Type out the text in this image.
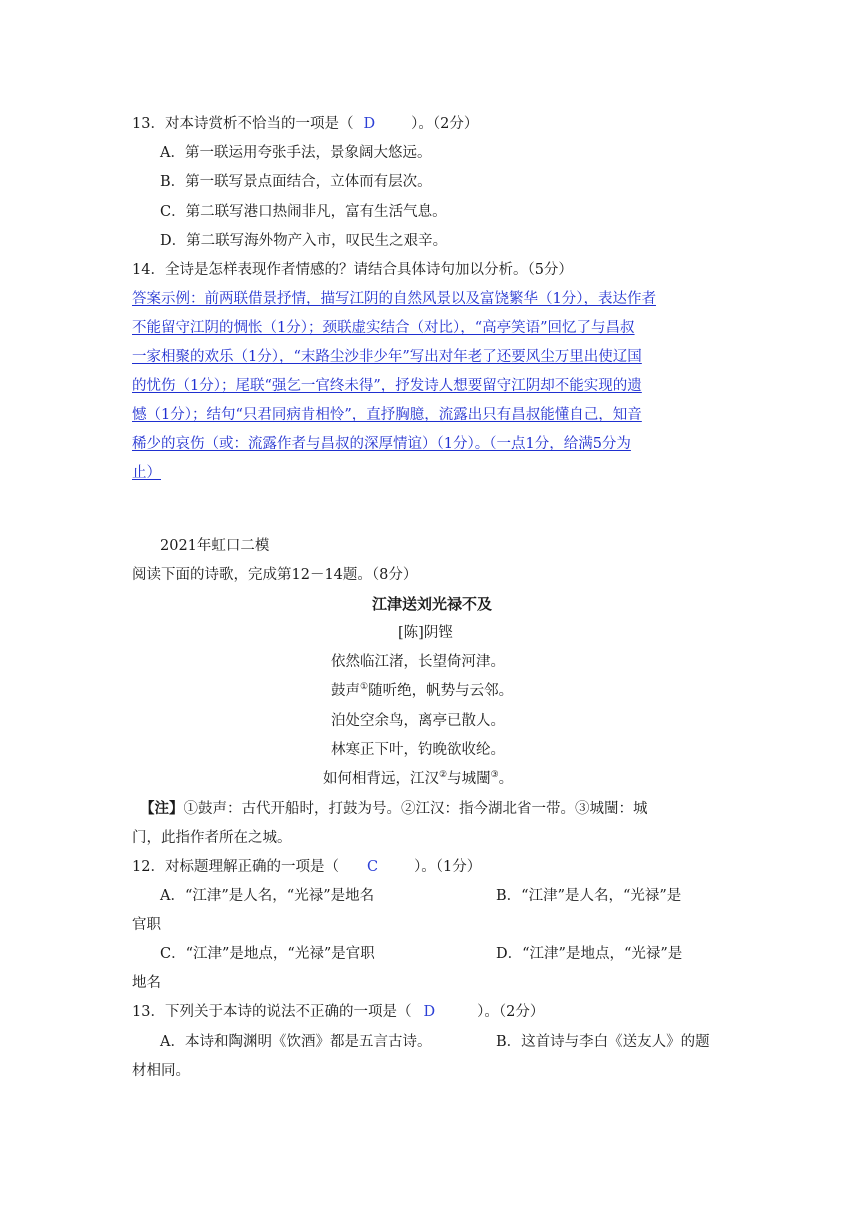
13．对本诗赏析不恰当的一项是（ D ）。（2分）
A．第一联运用夸张手法，景象阔大悠远。
B．第一联写景点面结合，立体而有层次。
C．第二联写港口热闹非凡，富有生活气息。
D．第二联写海外物产入市，叹民生之艰辛。
14．全诗是怎样表现作者情感的？请结合具体诗句加以分析。（5分）
答案示例：前两联借景抒情，描写江阴的自然风景以及富饶繁华（1分），表达作者
不能留守江阴的惆怅（1分）；颈联虚实结合（对比），“高亭笑语”回忆了与昌叔
一家相聚的欢乐（1分），“末路尘沙非少年”写出对年老了还要风尘万里出使辽国
的忧伤（1分）；尾联“强乞一官终未得”，抒发诗人想要留守江阴却不能实现的遗
憾（1分）；结句“只君同病肯相怜”，直抒胸臆，流露出只有昌叔能懂自己，知音
稀少的哀伤（或：流露作者与昌叔的深厚情谊）（1分）。（一点1分，给满5分为
止）
2021年虹口二模
阅读下面的诗歌，完成第12－14题。（8分）
江津送刘光禄不及
[陈]阴铿
依然临江渚，长望倚河津。
鼓声①随听绝，帆势与云邻。
泊处空余鸟，离亭已散人。
林寒正下叶，钓晚欲收纶。
如何相背远，江汉②与城闉③。
【注】①鼓声：古代开船时，打鼓为号。②江汉：指今湖北省一带。③城闉：城
门，此指作者所在之城。
12．对标题理解正确的一项是（ C ）。（1分）
A．“江津”是人名，“光禄”是地名	B．“江津”是人名，“光禄”是
官职
C．“江津”是地点，“光禄”是官职	D．“江津”是地点，“光禄”是
地名
13．下列关于本诗的说法不正确的一项是（ D	）。（2分）
A．本诗和陶渊明《饮酒》都是五言古诗。	B．这首诗与李白《送友人》的题
材相同。
